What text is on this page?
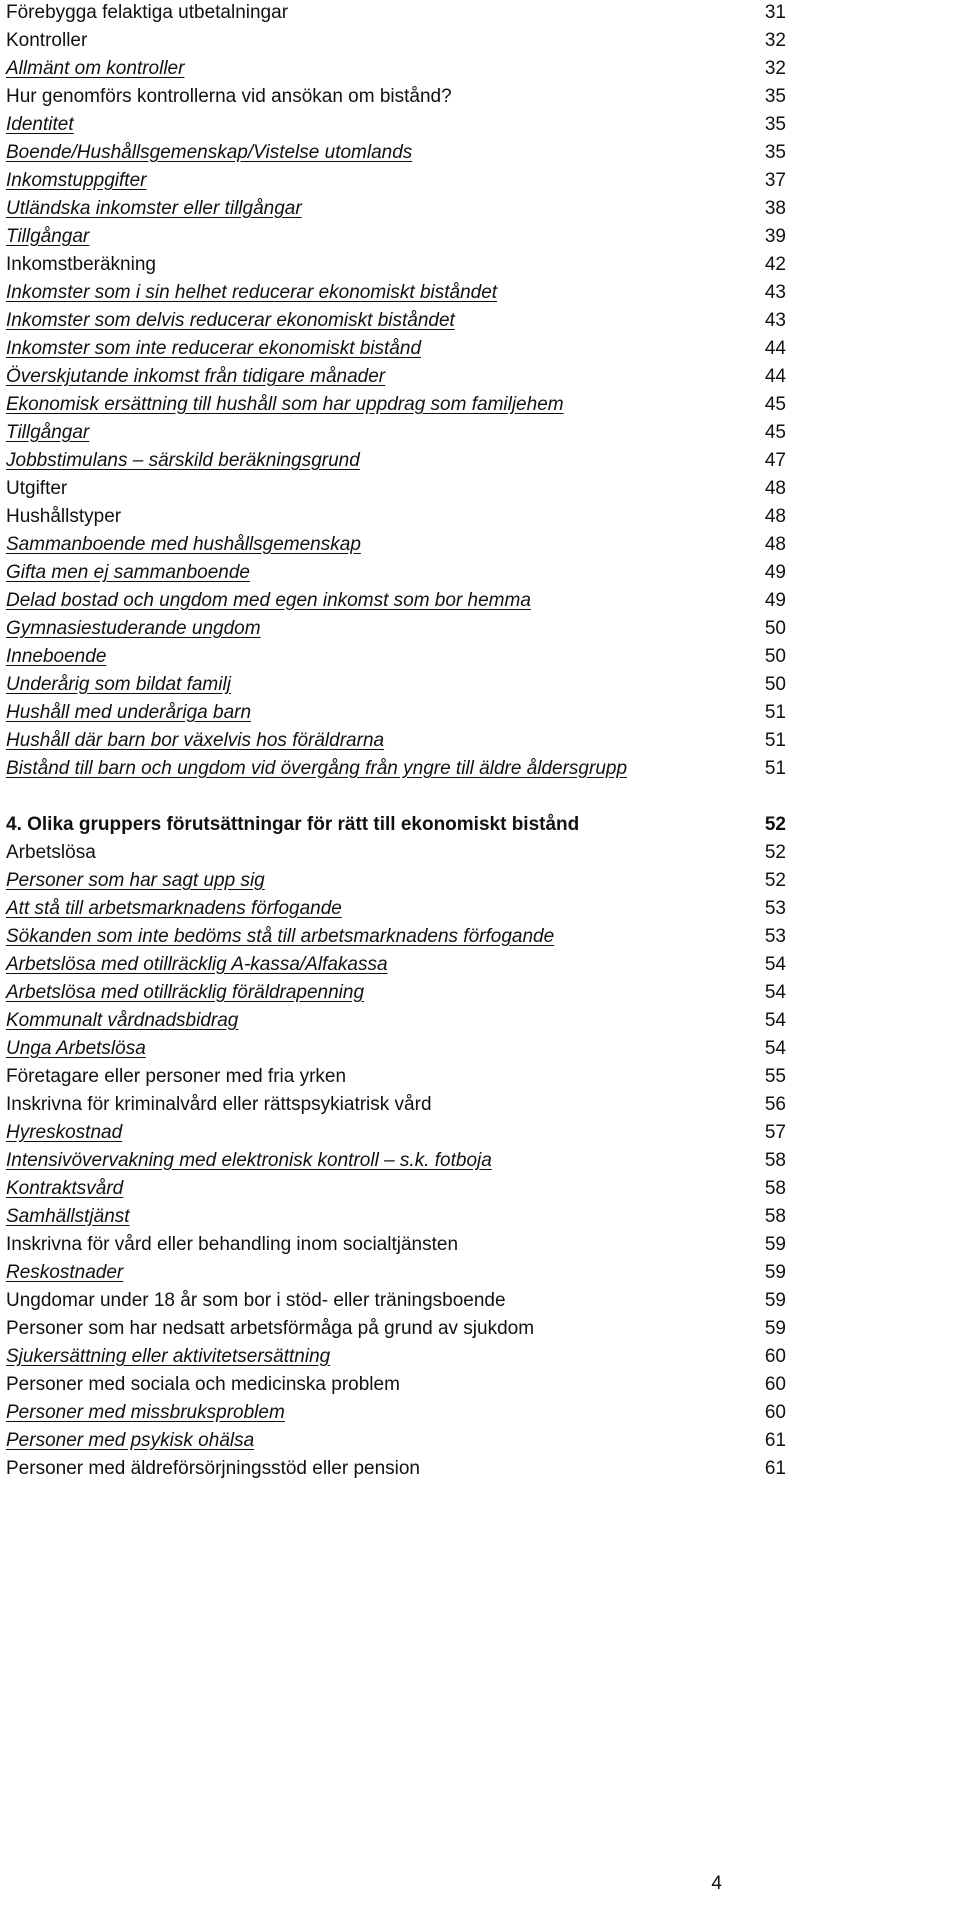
Förebygga felaktiga utbetalningar	31
Kontroller	32
Allmänt om kontroller	32
Hur genomförs kontrollerna vid ansökan om bistånd?	35
Identitet	35
Boende/Hushållsgemenskap/Vistelse utomlands	35
Inkomstuppgifter	37
Utländska inkomster eller tillgångar	38
Tillgångar	39
Inkomstberäkning	42
Inkomster som i sin helhet reducerar ekonomiskt biståndet	43
Inkomster som delvis reducerar ekonomiskt biståndet	43
Inkomster som inte reducerar ekonomiskt bistånd	44
Överskjutande inkomst från tidigare månader	44
Ekonomisk ersättning till hushåll som har uppdrag som familjehem	45
Tillgångar	45
Jobbstimulans – särskild beräkningsgrund	47
Utgifter	48
Hushållstyper	48
Sammanboende med hushållsgemenskap	48
Gifta men ej sammanboende	49
Delad bostad och ungdom med egen inkomst som bor hemma	49
Gymnasiestuderande ungdom	50
Inneboende	50
Underårig som bildat familj	50
Hushåll med underåriga barn	51
Hushåll där barn bor växelvis hos föräldrarna	51
Bistånd till barn och ungdom vid övergång från yngre till äldre åldersgrupp	51
4. Olika gruppers förutsättningar för rätt till ekonomiskt bistånd	52
Arbetslösa	52
Personer som har sagt upp sig	52
Att stå till arbetsmarknadens förfogande	53
Sökanden som inte bedöms stå till arbetsmarknadens förfogande	53
Arbetslösa med otillräcklig A-kassa/Alfakassa	54
Arbetslösa med otillräcklig föräldrapenning	54
Kommunalt vårdnadsbidrag	54
Unga Arbetslösa	54
Företagare eller personer med fria yrken	55
Inskrivna för kriminalvård eller rättspsykiatrisk vård	56
Hyreskostnad	57
Intensivövervakning med elektronisk kontroll – s.k. fotboja	58
Kontraktsvård	58
Samhällstjänst	58
Inskrivna för vård eller behandling inom socialtjänsten	59
Reskostnader	59
Ungdomar under 18 år som bor i stöd- eller träningsboende	59
Personer som har nedsatt arbetsförmåga på grund av sjukdom	59
Sjukersättning eller aktivitetsersättning	60
Personer med sociala och medicinska problem	60
Personer med missbruksproblem	60
Personer med psykisk ohälsa	61
Personer med äldreförsörjningsstöd eller pension	61
4
